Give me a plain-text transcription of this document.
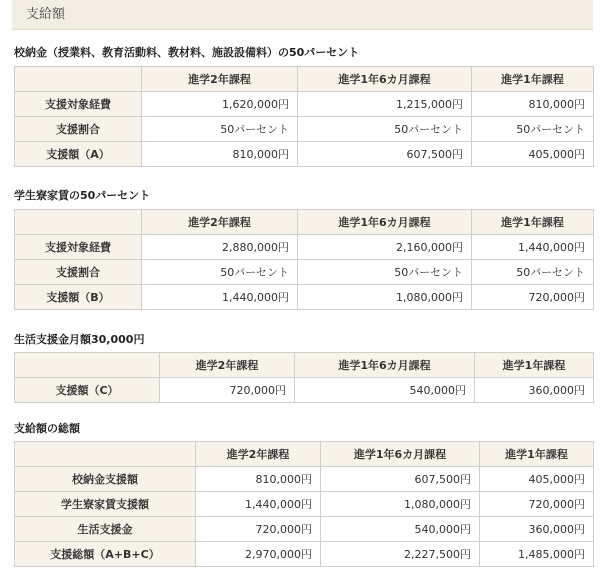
支給額
校納金（授業料、教育活動料、教材料、施設設備料）の50パーセント
	進学2年課程	進学1年6カ月課程	進学1年課程
支援対象経費	1,620,000円	1,215,000円	810,000円
支援割合	50パーセント	50パーセント	50パーセント
支援額（A）	810,000円	607,500円	405,000円
学生寮家賃の50パーセント
	進学2年課程	進学1年6カ月課程	進学1年課程
支援対象経費	2,880,000円	2,160,000円	1,440,000円
支援割合	50パーセント	50パーセント	50パーセント
支援額（B）	1,440,000円	1,080,000円	720,000円
生活支援金月額30,000円
	進学2年課程	進学1年6カ月課程	進学1年課程
支援額（C）	720,000円	540,000円	360,000円
支給額の総額
	進学2年課程	進学1年6カ月課程	進学1年課程
校納金支援額	810,000円	607,500円	405,000円
学生寮家賃支援額	1,440,000円	1,080,000円	720,000円
生活支援金	720,000円	540,000円	360,000円
支援総額（A+B+C）	2,970,000円	2,227,500円	1,485,000円
